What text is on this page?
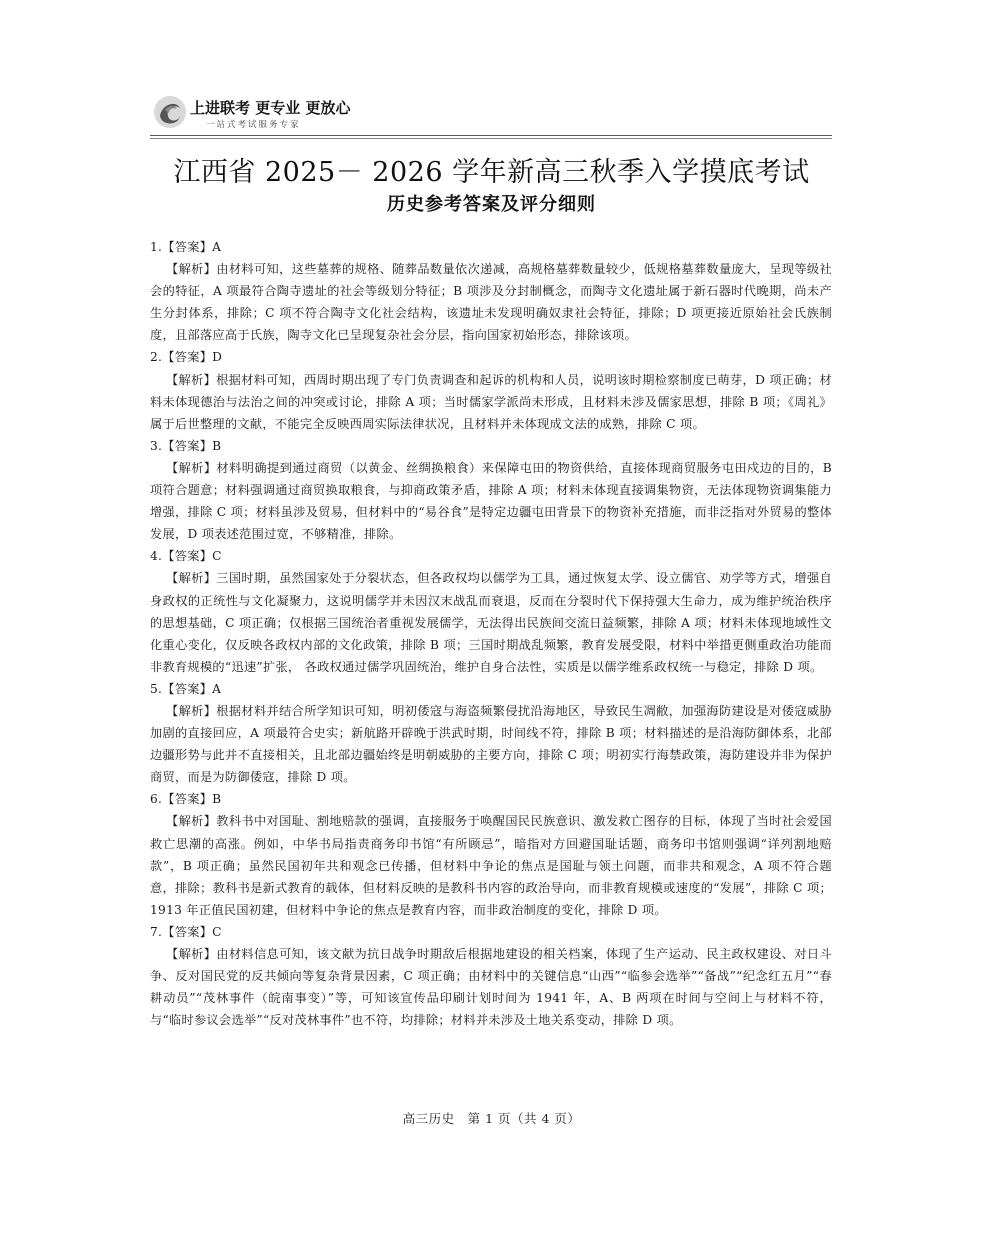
上进联考 更专业 更放心
一站式考试服务专家
江西省 2025－ 2026 学年新高三秋季入学摸底考试
历史参考答案及评分细则

1.【答案】A

【解析】由材料可知，这些墓葬的规格、随葬品数量依次递减，高规格墓葬数量较少，低规格墓葬数量庞大，呈现等级社会的特征，A 项最符合陶寺遗址的社会等级划分特征；B 项涉及分封制概念，而陶寺文化遗址属于新石器时代晚期，尚未产生分封体系，排除；C 项不符合陶寺文化社会结构，该遗址未发现明确奴隶社会特征，排除；D 项更接近原始社会氏族制度，且部落应高于氏族，陶寺文化已呈现复杂社会分层，指向国家初始形态，排除该项。

2.【答案】D

【解析】根据材料可知，西周时期出现了专门负责调查和起诉的机构和人员，说明该时期检察制度已萌芽，D 项正确；材料未体现德治与法治之间的冲突或讨论，排除 A 项；当时儒家学派尚未形成，且材料未涉及儒家思想，排除 B 项；《周礼》属于后世整理的文献，不能完全反映西周实际法律状况，且材料并未体现成文法的成熟，排除 C 项。

3.【答案】B

【解析】材料明确提到通过商贸（以黄金、丝绸换粮食）来保障屯田的物资供给，直接体现商贸服务屯田戍边的目的，B 项符合题意；材料强调通过商贸换取粮食，与抑商政策矛盾，排除 A 项；材料未体现直接调集物资，无法体现物资调集能力增强，排除 C 项；材料虽涉及贸易，但材料中的“易谷食”是特定边疆屯田背景下的物资补充措施，而非泛指对外贸易的整体发展，D 项表述范围过宽，不够精准，排除。

4.【答案】C

【解析】三国时期，虽然国家处于分裂状态，但各政权均以儒学为工具，通过恢复太学、设立儒官、劝学等方式，增强自身政权的正统性与文化凝聚力，这说明儒学并未因汉末战乱而衰退，反而在分裂时代下保持强大生命力，成为维护统治秩序的思想基础，C 项正确；仅根据三国统治者重视发展儒学，无法得出民族间交流日益频繁，排除 A 项；材料未体现地域性文化重心变化，仅反映各政权内部的文化政策，排除 B 项；三国时期战乱频繁，教育发展受限，材料中举措更侧重政治功能而非教育规模的“迅速”扩张， 各政权通过儒学巩固统治，维护自身合法性，实质是以儒学维系政权统一与稳定，排除 D 项。

5.【答案】A

【解析】根据材料并结合所学知识可知，明初倭寇与海盗频繁侵扰沿海地区，导致民生凋敝，加强海防建设是对倭寇威胁加剧的直接回应，A 项最符合史实；新航路开辟晚于洪武时期，时间线不符，排除 B 项；材料描述的是沿海防御体系，北部边疆形势与此并不直接相关，且北部边疆始终是明朝威胁的主要方向，排除 C 项；明初实行海禁政策，海防建设并非为保护商贸，而是为防御倭寇，排除 D 项。

6.【答案】B

【解析】教科书中对国耻、割地赔款的强调，直接服务于唤醒国民民族意识、激发救亡图存的目标，体现了当时社会爱国救亡思潮的高涨。例如，中华书局指责商务印书馆“有所顾忌”，暗指对方回避国耻话题，商务印书馆则强调“详列割地赔款”，B 项正确；虽然民国初年共和观念已传播，但材料中争论的焦点是国耻与领土问题，而非共和观念，A 项不符合题意，排除；教科书是新式教育的载体，但材料反映的是教科书内容的政治导向，而非教育规模或速度的“发展”，排除 C 项；1913 年正值民国初建，但材料中争论的焦点是教育内容，而非政治制度的变化，排除 D 项。

7.【答案】C

【解析】由材料信息可知，该文献为抗日战争时期敌后根据地建设的相关档案，体现了生产运动、民主政权建设、对日斗争、反对国民党的反共倾向等复杂背景因素，C 项正确；由材料中的关键信息“山西”“临参会选举”“备战”“纪念红五月”“春耕动员”“茂林事件（皖南事变）”等，可知该宣传品印刷计划时间为 1941 年，A、B 两项在时间与空间上与材料不符，与“临时参议会选举”“反对茂林事件”也不符，均排除；材料并未涉及土地关系变动，排除 D 项。

高三历史　第 1 页（共 4 页）
